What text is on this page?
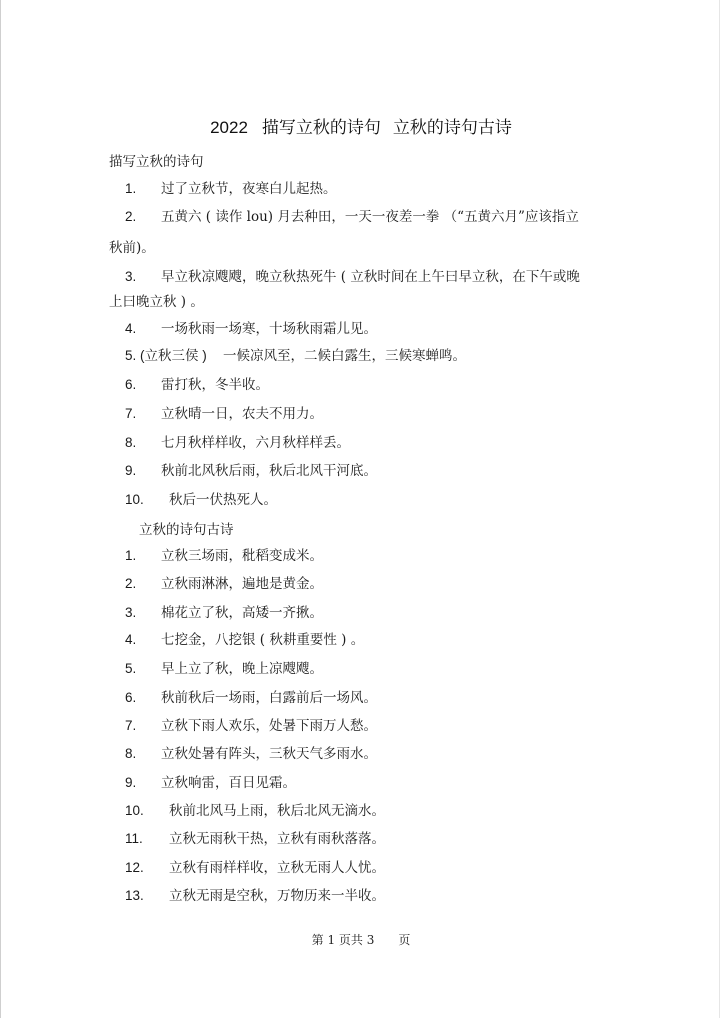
2022 描写立秋的诗句 立秋的诗句古诗
描写立秋的诗句
1. 过了立秋节，夜寒白儿起热。
2. 五黄六 ( 读作 lou) 月去种田，一天一夜差一拳 （“五黄六月”应该指立
秋前)。
3. 早立秋凉飕飕，晚立秋热死牛 ( 立秋时间在上午曰早立秋，在下午或晚
上曰晚立秋 ) 。
4. 一场秋雨一场寒，十场秋雨霜儿见。
5. (立秋三侯 ) 一候凉风至，二候白露生，三候寒蝉鸣。
6. 雷打秋，冬半收。
7. 立秋晴一日，农夫不用力。
8. 七月秋样样收，六月秋样样丢。
9. 秋前北风秋后雨，秋后北风干河底。
10. 秋后一伏热死人。
立秋的诗句古诗
1. 立秋三场雨，秕稻变成米。
2. 立秋雨淋淋，遍地是黄金。
3. 棉花立了秋，高矮一齐揪。
4. 七挖金，八挖银 ( 秋耕重要性 ) 。
5. 早上立了秋，晚上凉飕飕。
6. 秋前秋后一场雨，白露前后一场风。
7. 立秋下雨人欢乐，处暑下雨万人愁。
8. 立秋处暑有阵头，三秋天气多雨水。
9. 立秋响雷，百日见霜。
10. 秋前北风马上雨，秋后北风无滴水。
11. 立秋无雨秋干热，立秋有雨秋落落。
12. 立秋有雨样样收，立秋无雨人人忧。
13. 立秋无雨是空秋，万物历来一半收。
第 1 页共 3　　页
